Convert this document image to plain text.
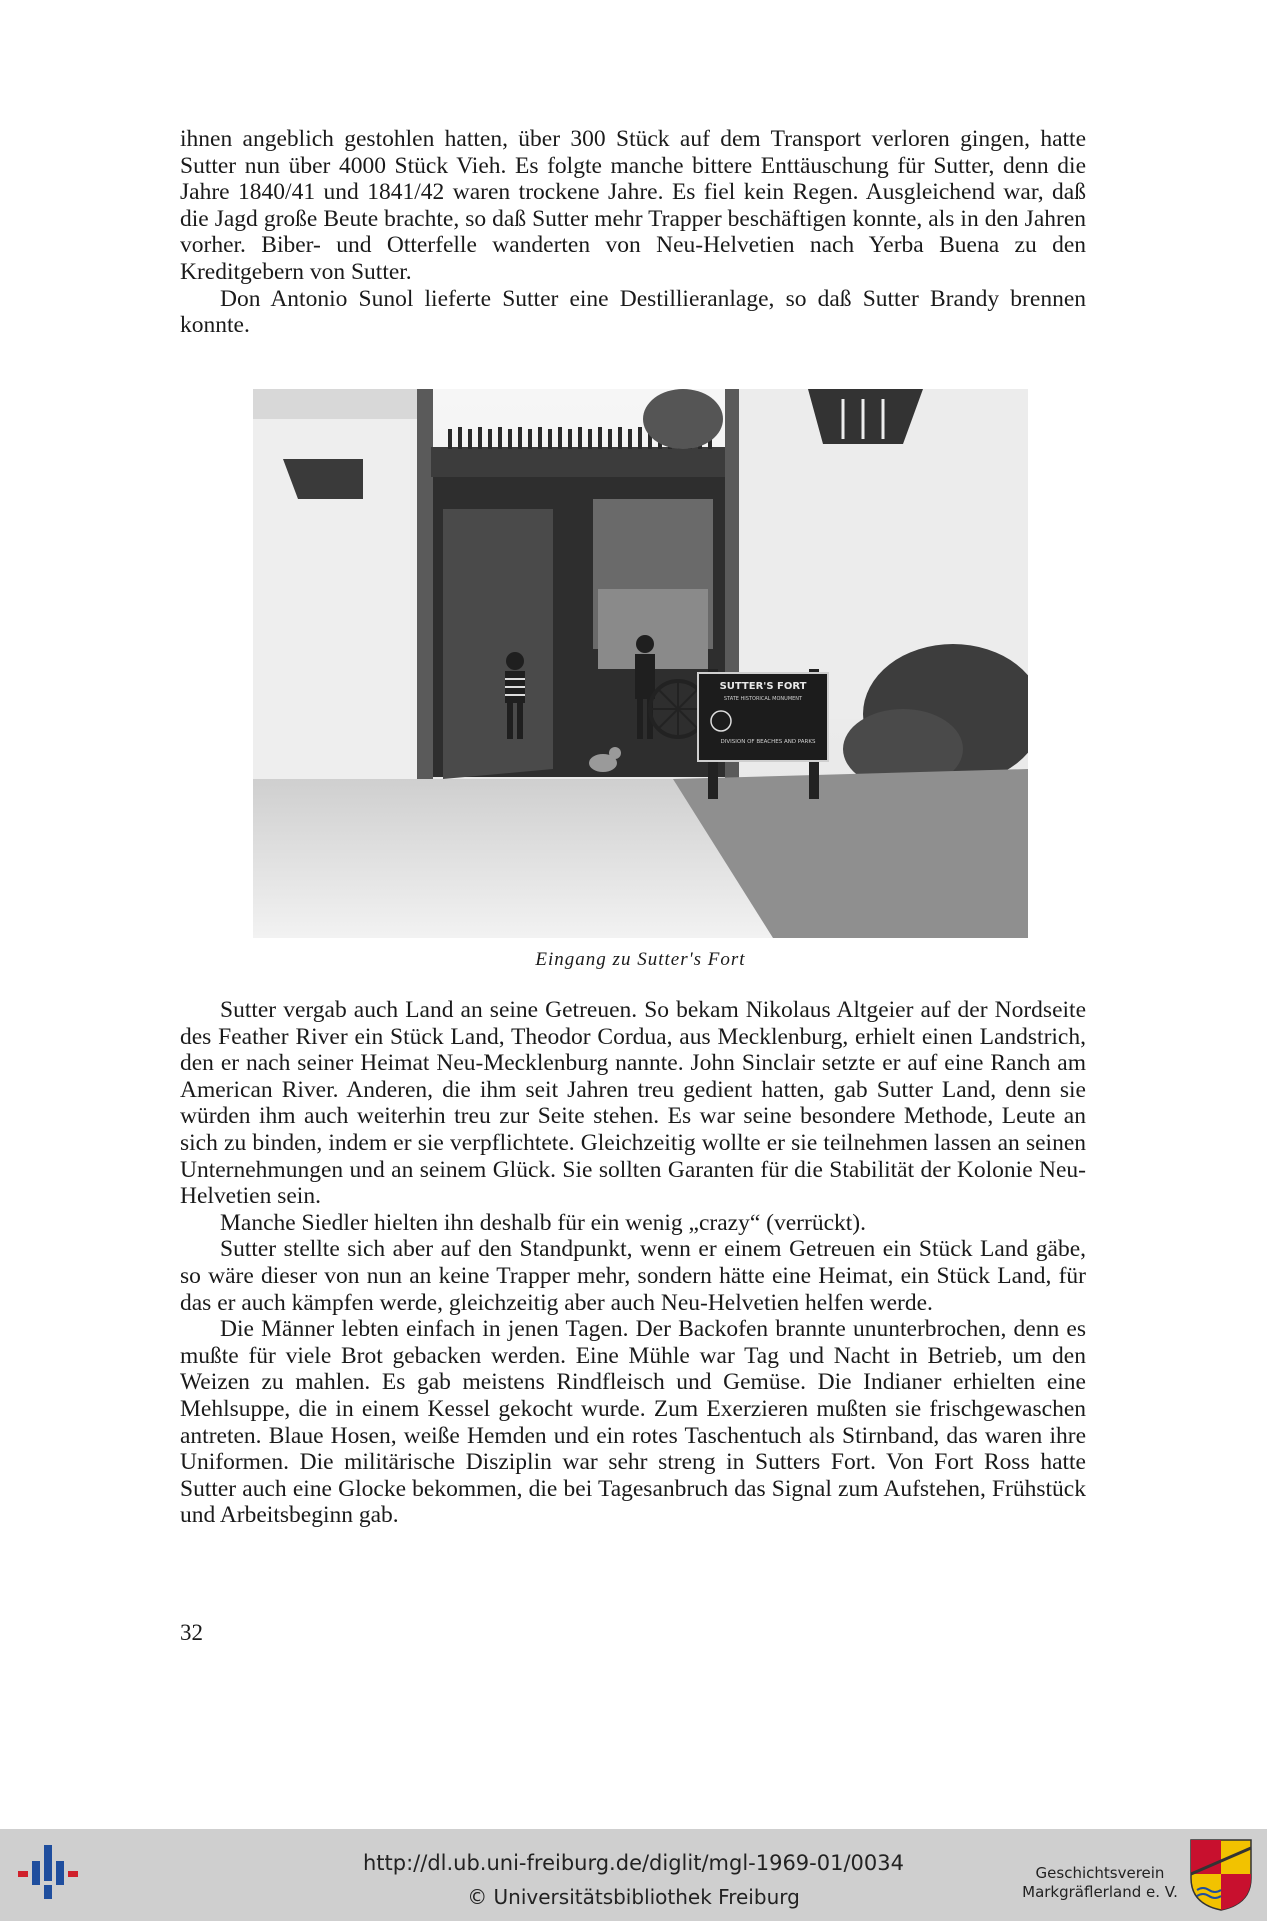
ihnen angeblich gestohlen hatten, über 300 Stück auf dem Transport verloren gingen, hatte Sutter nun über 4000 Stück Vieh. Es folgte manche bittere Enttäuschung für Sutter, denn die Jahre 1840/41 und 1841/42 waren trockene Jahre. Es fiel kein Regen. Ausgleichend war, daß die Jagd große Beute brachte, so daß Sutter mehr Trapper beschäftigen konnte, als in den Jahren vorher. Biber- und Otterfelle wanderten von Neu-Helvetien nach Yerba Buena zu den Kreditgebern von Sutter.

Don Antonio Sunol lieferte Sutter eine Destillieranlage, so daß Sutter Brandy brennen konnte.

SUTTER'S FORT
STATE HISTORICAL MONUMENT
DIVISION OF BEACHES AND PARKS
Eingang zu Sutter's Fort

Sutter vergab auch Land an seine Getreuen. So bekam Nikolaus Altgeier auf der Nordseite des Feather River ein Stück Land, Theodor Cordua, aus Mecklenburg, erhielt einen Landstrich, den er nach seiner Heimat Neu-Mecklenburg nannte. John Sinclair setzte er auf eine Ranch am American River. Anderen, die ihm seit Jahren treu gedient hatten, gab Sutter Land, denn sie würden ihm auch weiterhin treu zur Seite stehen. Es war seine besondere Methode, Leute an sich zu binden, indem er sie verpflichtete. Gleichzeitig wollte er sie teilnehmen lassen an seinen Unternehmungen und an seinem Glück. Sie sollten Garanten für die Stabilität der Kolonie Neu-Helvetien sein.

Manche Siedler hielten ihn deshalb für ein wenig „crazy“ (verrückt).

Sutter stellte sich aber auf den Standpunkt, wenn er einem Getreuen ein Stück Land gäbe, so wäre dieser von nun an keine Trapper mehr, sondern hätte eine Heimat, ein Stück Land, für das er auch kämpfen werde, gleichzeitig aber auch Neu-Helvetien helfen werde.

Die Männer lebten einfach in jenen Tagen. Der Backofen brannte ununterbrochen, denn es mußte für viele Brot gebacken werden. Eine Mühle war Tag und Nacht in Betrieb, um den Weizen zu mahlen. Es gab meistens Rindfleisch und Gemüse. Die Indianer erhielten eine Mehlsuppe, die in einem Kessel gekocht wurde. Zum Exerzieren mußten sie frischgewaschen antreten. Blaue Hosen, weiße Hemden und ein rotes Taschentuch als Stirnband, das waren ihre Uniformen. Die militärische Disziplin war sehr streng in Sutters Fort. Von Fort Ross hatte Sutter auch eine Glocke bekommen, die bei Tagesanbruch das Signal zum Aufstehen, Frühstück und Arbeitsbeginn gab.

32
http://dl.ub.uni-freiburg.de/diglit/mgl-1969-01/0034
© Universitätsbibliothek Freiburg
Geschichtsverein
Markgräflerland e. V.
